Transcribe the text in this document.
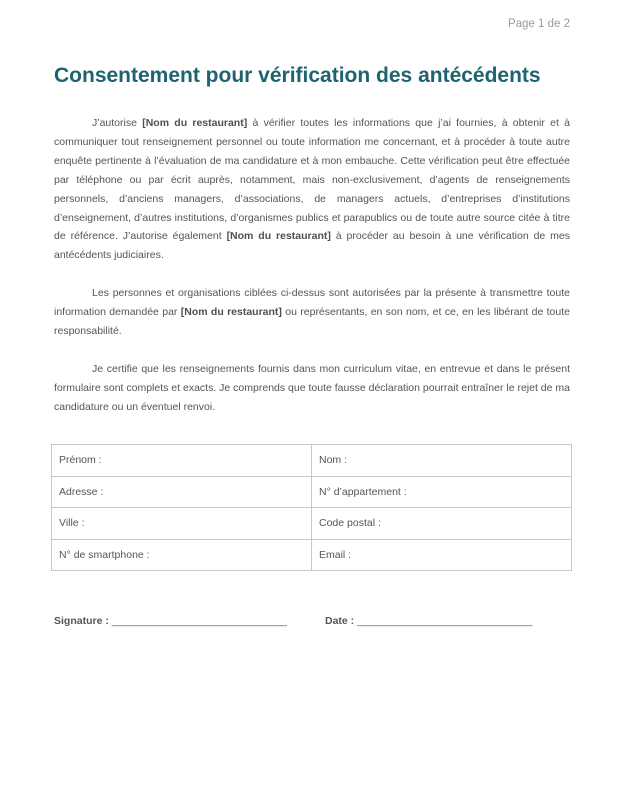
Page 1 de 2
Consentement pour vérification des antécédents

J’autorise [Nom du restaurant] à vérifier toutes les informations que j’ai fournies, à obtenir et à communiquer tout renseignement personnel ou toute information me concernant, et à procéder à toute autre enquête pertinente à l’évaluation de ma candidature et à mon embauche. Cette vérification peut être effectuée par téléphone ou par écrit auprès, notamment, mais non-exclusivement, d’agents de renseignements personnels, d’anciens managers, d’associations, de managers actuels, d’entreprises d’institutions d’enseignement, d’autres institutions, d’organismes publics et parapublics ou de toute autre source citée à titre de référence. J’autorise également [Nom du restaurant] à procéder au besoin à une vérification de mes antécédents judiciaires.

Les personnes et organisations ciblées ci-dessus sont autorisées par la présente à transmettre toute information demandée par [Nom du restaurant] ou représentants, en son nom, et ce, en les libérant de toute responsabilité.

Je certifie que les renseignements fournis dans mon curriculum vitae, en entrevue et dans le présent formulaire sont complets et exacts. Je comprends que toute fausse déclaration pourrait entraîner le rejet de ma candidature ou un éventuel renvoi.

Prénom :	Nom :
Adresse :	N° d’appartement :
Ville :	Code postal :
N° de smartphone :	Email :
Signature : ______________________________	Date : ______________________________
